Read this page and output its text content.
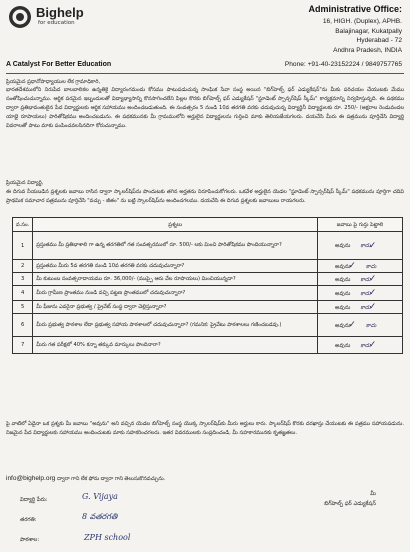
Bighelp
for education
A Catalyst For Better Education
Administrative Office:
16, HIGH. (Duplex), APHB.
Balajinagar, Kukatpally
Hyderabad - 72
Andhra Pradesh, INDIA
Phone: +91-40-23152224 / 9849757765
ప్రియమైన ప్రధానోపాధ్యాయుల లేక గ్రామాధికారి,
భారతదేశములోని నిరుపేద బాలబాలికల ఉన్నతికై విద్యారంగమందు కోసము పాటుపడుచున్న సాంఘిక సేవా సంస్థ అయిన "బిగ్‌హెల్ప్ ఫర్ ఎడ్యుకేషన్"ను మీకు పరిచయం చేయుటకు మేము సంతోషించుచున్నాము. ఆర్థిక పరమైన ఇబ్బందులతో విద్యాభ్యాసాన్ని కొనసాగించలేని పిల్లల కొరకు బిగ్‌హెల్ప్ ఫర్ ఎడ్యుకేషన్ "స్టూడెంట్ స్పాన్సర్‌షిప్ స్కీమ్" కార్యక్రమాన్ని నిర్వహిస్తున్నది. ఈ పథకము ద్వారా ప్రతిభావంతులైన పేద విద్యార్థులకు ఆర్థిక సహాయము అందించబడుతుంది. ఈ సంవత్సరం 5 నుండి 10వ తరగతి వరకు చదువుచున్న విద్యార్థినీ విద్యార్థులకు రూ. 250/- (అక్షరాల రెండువందల యాభై రూపాయలు) పారితోషికము అందించబడును. ఈ పథకమునకు మీ గ్రామములోని అర్హులైన విద్యార్థులను గుర్తించి మాకు తెలియజేయగలరు. దయచేసి మీరు ఈ పత్రమును పూర్తిచేసి విద్యార్థి వివరాలతో పాటు మాకు పంపించవలసినదిగా కోరుచున్నాము.
ప్రియమైన విద్యార్థి,
ఈ దిగువ నీయబడిన ప్రశ్నలకు జవాబు రాసిన ద్వారా స్కాలర్‌షిప్‌ను పొందుటకు తగిన అర్హతను నిరూపించుకోగలరు. ఒకవేళ అర్హులైన యెడల "స్టూడెంట్ స్పాన్సర్‌షిప్ స్కీమ్" పథకమును పూర్తిగా చదివి ప్రాథమిక సమాచార పత్రమును పూర్తిచేసి "వచ్చు - జీతం" ను బట్టి స్కాలర్‌షిప్‌ను అందించగలము. దయచేసి ఈ దిగువ ప్రశ్నలకు జవాబులు రాయగలరు.
వ.సం.	ప్రశ్నలు	జవాబు పై గుర్తు పెట్టాలి
1	ప్రస్తుతము మీ ప్రతిభాశాలి గా ఉన్న తరగతిలో గత సంవత్సరములో రూ. 500/- లకు మించి పారితోషికము పొందియున్నారా?	అవును కాదు✓
2	ప్రస్తుతము మీరు 5వ తరగతి నుండి 10వ తరగతి వరకు చదువుచున్నారా?	అవును✓ కాదు
3	మీ కుటుంబ సంవత్సరాదాయము రూ. 36,000/- (ముప్పై ఆరు వేల రూపాయలు) మించియున్నదా?	అవును కాదు✓
4	మీరు గ్రామీణ ప్రాంతము నుండి వచ్చి పట్టణ ప్రాంతములో చదువుచున్నారా?	అవును కాదు✓
5	మీ ఫీజును ఎవరైనా ప్రభుత్వ / ప్రైవేట్ సంస్థ ద్వారా చెల్లిస్తున్నారా?	అవును కాదు✓
6	మీరు ప్రభుత్వ పాఠశాల లేదా ప్రభుత్వ సహాయ పాఠశాలలో చదువుచున్నారా? (గమనిక: ప్రైవేటు పాఠశాలలు గణించబడవు.)	అవును✓ కాదు
7	మీరు గత పరీక్షలో 40% కన్నా తక్కువ మార్కులు పొందినారా?	అవును కాదు✓
పై వాటిలో ఏదైనా ఒక ప్రశ్నకు మీ జవాబు "అవును" అని వచ్చిన యెడల బిగ్‌హెల్ప్ సంస్థ యొక్క స్కాలర్‌షిప్‌కు మీరు అర్హులు కారు. స్కాలర్‌షిప్ కొరకు దరఖాస్తు చేయుటకు ఈ పత్రము సహాయపడును. నిజమైన పేద విద్యార్థులకు సహాయము అందించుటకు మాకు సహకరించగలరు. ఇతర వివరములకు సంప్రదించండి, మీ సహకారమునకు కృతజ్ఞతలు.
info@bighelp.org ద్వారా గాని లేక ఫోను ద్వారా గాని తెలుసుకొనవచ్చును.
విద్యార్థి పేరు:	G. Vijaya
తరగతి:	8 వతరగతి
పాఠశాల:	ZPH school
మీ
బిగ్‌హెల్ప్ ఫర్ ఎడ్యుకేషన్
